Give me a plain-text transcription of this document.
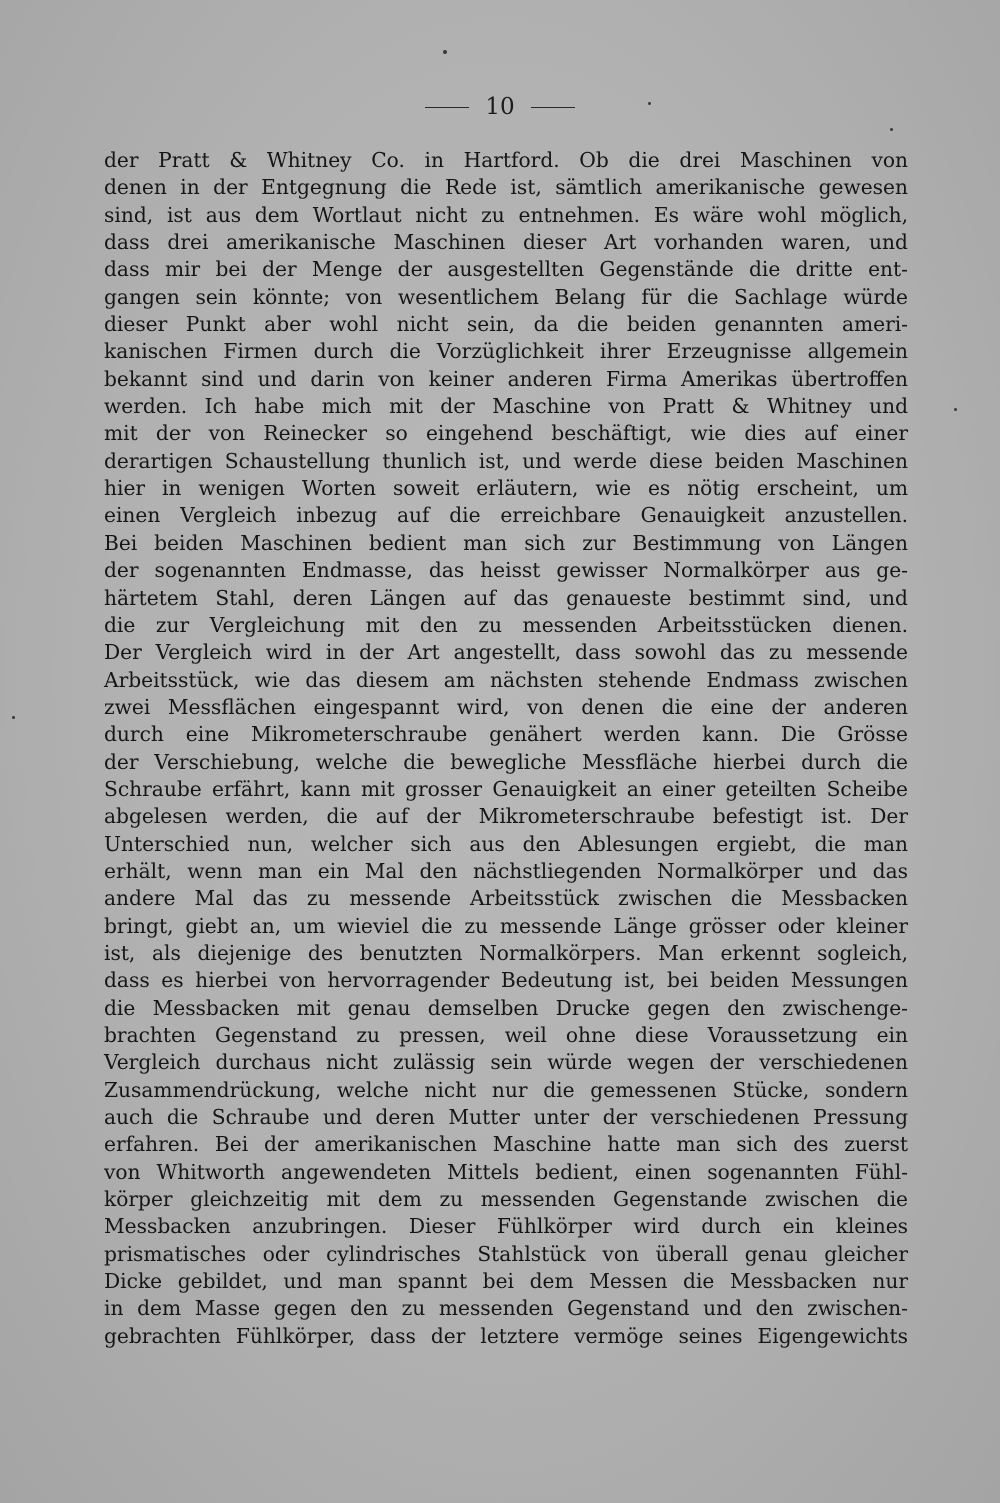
10
der Pratt & Whitney Co. in Hartford. Ob die drei Maschinen von
denen in der Entgegnung die Rede ist, sämtlich amerikanische gewesen
sind, ist aus dem Wortlaut nicht zu entnehmen. Es wäre wohl möglich,
dass drei amerikanische Maschinen dieser Art vorhanden waren, und
dass mir bei der Menge der ausgestellten Gegenstände die dritte ent-
gangen sein könnte; von wesentlichem Belang für die Sachlage würde
dieser Punkt aber wohl nicht sein, da die beiden genannten ameri-
kanischen Firmen durch die Vorzüglichkeit ihrer Erzeugnisse allgemein
bekannt sind und darin von keiner anderen Firma Amerikas übertroffen
werden. Ich habe mich mit der Maschine von Pratt & Whitney und
mit der von Reinecker so eingehend beschäftigt, wie dies auf einer
derartigen Schaustellung thunlich ist, und werde diese beiden Maschinen
hier in wenigen Worten soweit erläutern, wie es nötig erscheint, um
einen Vergleich inbezug auf die erreichbare Genauigkeit anzustellen.
Bei beiden Maschinen bedient man sich zur Bestimmung von Längen
der sogenannten Endmasse, das heisst gewisser Normalkörper aus ge-
härtetem Stahl, deren Längen auf das genaueste bestimmt sind, und
die zur Vergleichung mit den zu messenden Arbeitsstücken dienen.
Der Vergleich wird in der Art angestellt, dass sowohl das zu messende
Arbeitsstück, wie das diesem am nächsten stehende Endmass zwischen
zwei Messflächen eingespannt wird, von denen die eine der anderen
durch eine Mikrometerschraube genähert werden kann. Die Grösse
der Verschiebung, welche die bewegliche Messfläche hierbei durch die
Schraube erfährt, kann mit grosser Genauigkeit an einer geteilten Scheibe
abgelesen werden, die auf der Mikrometerschraube befestigt ist. Der
Unterschied nun, welcher sich aus den Ablesungen ergiebt, die man
erhält, wenn man ein Mal den nächstliegenden Normalkörper und das
andere Mal das zu messende Arbeitsstück zwischen die Messbacken
bringt, giebt an, um wieviel die zu messende Länge grösser oder kleiner
ist, als diejenige des benutzten Normalkörpers. Man erkennt sogleich,
dass es hierbei von hervorragender Bedeutung ist, bei beiden Messungen
die Messbacken mit genau demselben Drucke gegen den zwischenge-
brachten Gegenstand zu pressen, weil ohne diese Voraussetzung ein
Vergleich durchaus nicht zulässig sein würde wegen der verschiedenen
Zusammendrückung, welche nicht nur die gemessenen Stücke, sondern
auch die Schraube und deren Mutter unter der verschiedenen Pressung
erfahren. Bei der amerikanischen Maschine hatte man sich des zuerst
von Whitworth angewendeten Mittels bedient, einen sogenannten Fühl-
körper gleichzeitig mit dem zu messenden Gegenstande zwischen die
Messbacken anzubringen. Dieser Fühlkörper wird durch ein kleines
prismatisches oder cylindrisches Stahlstück von überall genau gleicher
Dicke gebildet, und man spannt bei dem Messen die Messbacken nur
in dem Masse gegen den zu messenden Gegenstand und den zwischen-
gebrachten Fühlkörper, dass der letztere vermöge seines Eigengewichts
